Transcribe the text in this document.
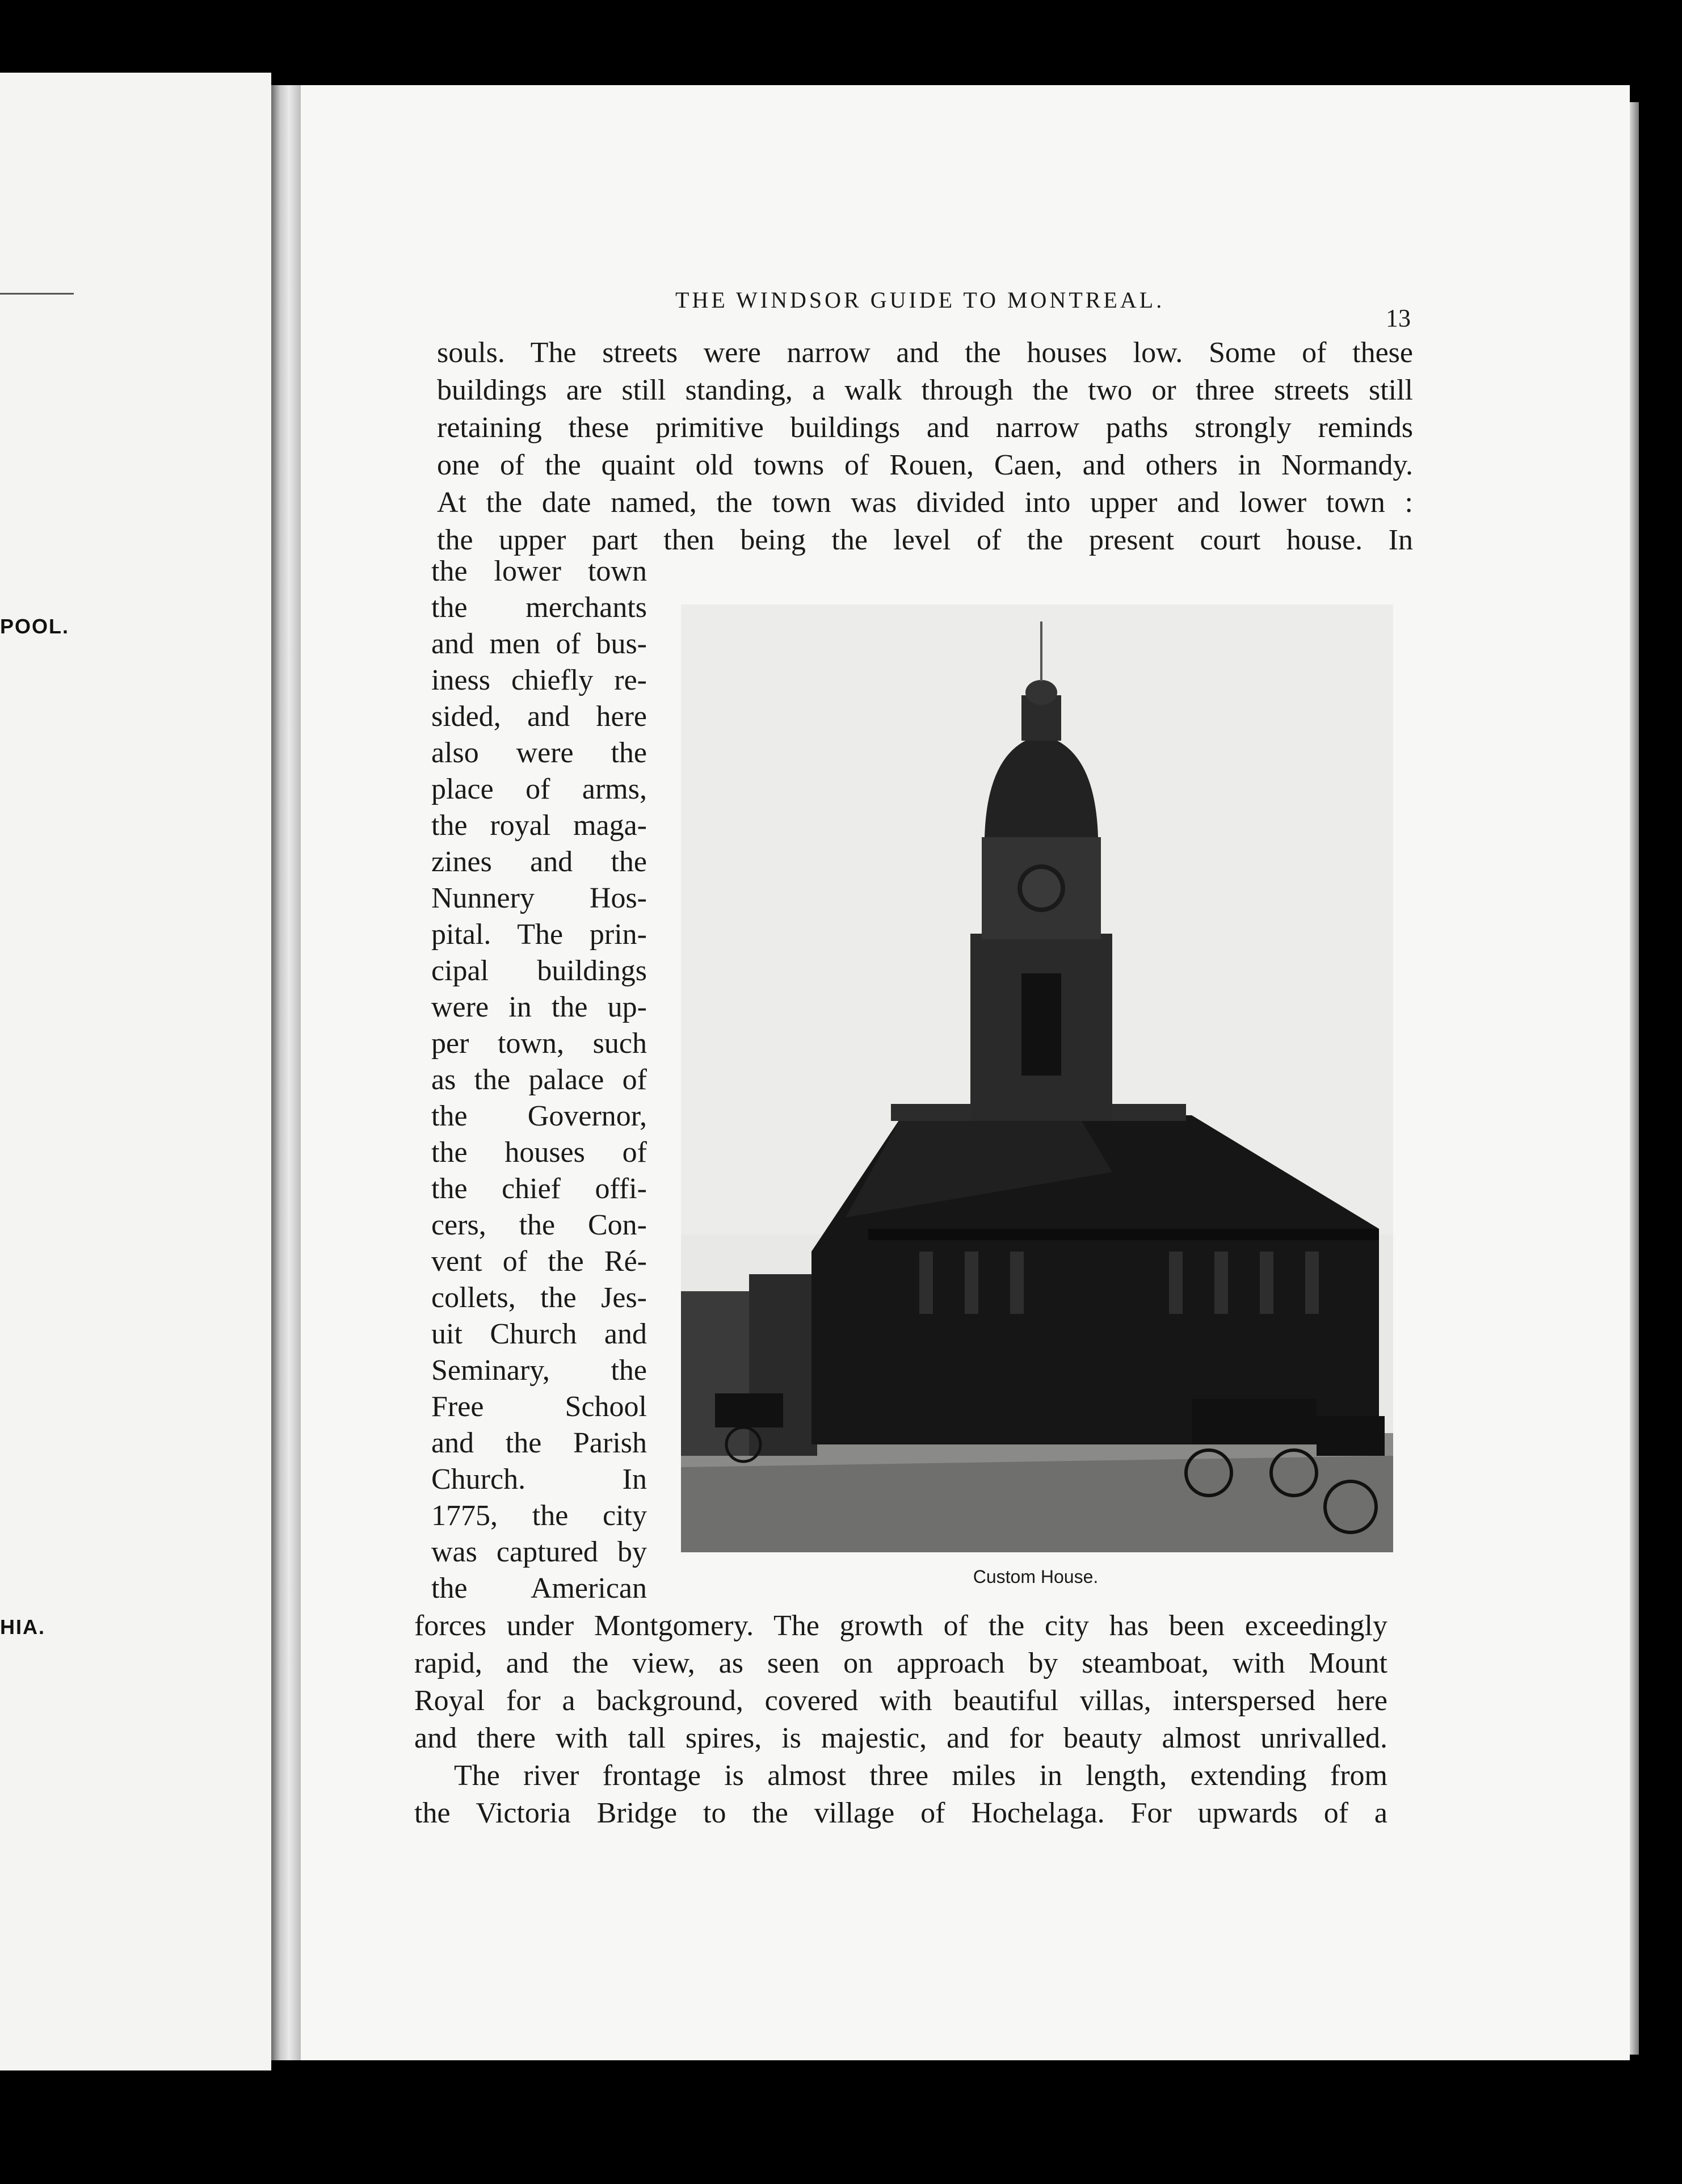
POOL.
HIA.
THE WINDSOR GUIDE TO MONTREAL.
13
souls. The streets were narrow and the houses low. Some of these
buildings are still standing, a walk through the two or three streets still
retaining these primitive buildings and narrow paths strongly reminds
one of the quaint old towns of Rouen, Caen, and others in Normandy.
At the date named, the town was divided into upper and lower town :
the upper part then being the level of the present court house. In
the lower town
the merchants
and men of bus-
iness chiefly re-
sided, and here
also were the
place of arms,
the royal maga-
zines and the
Nunnery Hos-
pital. The prin-
cipal buildings
were in the up-
per town, such
as the palace of
the Governor,
the houses of
the chief offi-
cers, the Con-
vent of the Ré-
collets, the Jes-
uit Church and
Seminary, the
Free School
and the Parish
Church. In
1775, the city
was captured by
the American	Custom House.
forces under Montgomery. The growth of the city has been exceedingly
rapid, and the view, as seen on approach by steamboat, with Mount
Royal for a background, covered with beautiful villas, interspersed here
and there with tall spires, is majestic, and for beauty almost unrivalled.
The river frontage is almost three miles in length, extending from
the Victoria Bridge to the village of Hochelaga. For upwards of a
